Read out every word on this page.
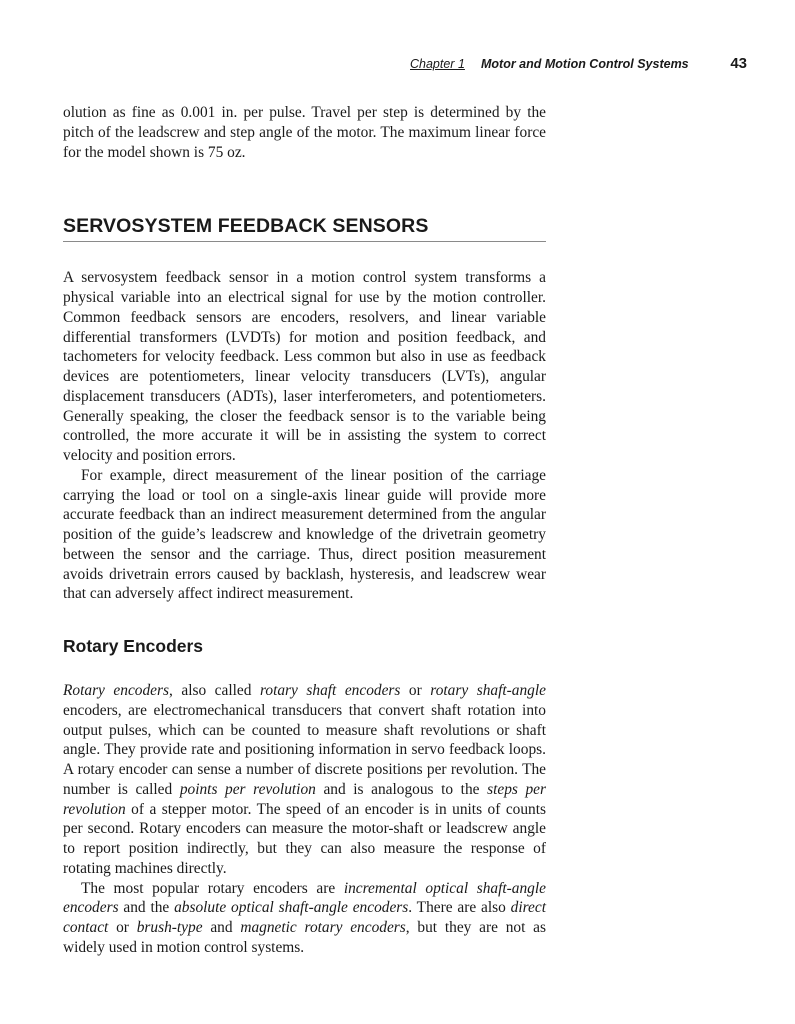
Chapter 1 Motor and Motion Control Systems	43

olution as fine as 0.001 in. per pulse. Travel per step is determined by the pitch of the leadscrew and step angle of the motor. The maximum linear force for the model shown is 75 oz.

SERVOSYSTEM FEEDBACK SENSORS

A servosystem feedback sensor in a motion control system transforms a physical variable into an electrical signal for use by the motion controller. Common feedback sensors are encoders, resolvers, and linear variable differential transformers (LVDTs) for motion and position feedback, and tachometers for velocity feedback. Less common but also in use as feedback devices are potentiometers, linear velocity transducers (LVTs), angular displacement transducers (ADTs), laser interferometers, and potentiometers. Generally speaking, the closer the feedback sensor is to the variable being controlled, the more accurate it will be in assisting the system to correct velocity and position errors.

For example, direct measurement of the linear position of the carriage carrying the load or tool on a single-axis linear guide will provide more accurate feedback than an indirect measurement determined from the angular position of the guide’s leadscrew and knowledge of the drivetrain geometry between the sensor and the carriage. Thus, direct position measurement avoids drivetrain errors caused by backlash, hysteresis, and leadscrew wear that can adversely affect indirect measurement.

Rotary Encoders

Rotary encoders, also called rotary shaft encoders or rotary shaft-angle encoders, are electromechanical transducers that convert shaft rotation into output pulses, which can be counted to measure shaft revolutions or shaft angle. They provide rate and positioning information in servo feedback loops. A rotary encoder can sense a number of discrete positions per revolution. The number is called points per revolution and is analogous to the steps per revolution of a stepper motor. The speed of an encoder is in units of counts per second. Rotary encoders can measure the motor-shaft or leadscrew angle to report position indirectly, but they can also measure the response of rotating machines directly.

The most popular rotary encoders are incremental optical shaft-angle encoders and the absolute optical shaft-angle encoders. There are also direct contact or brush-type and magnetic rotary encoders, but they are not as widely used in motion control systems.
